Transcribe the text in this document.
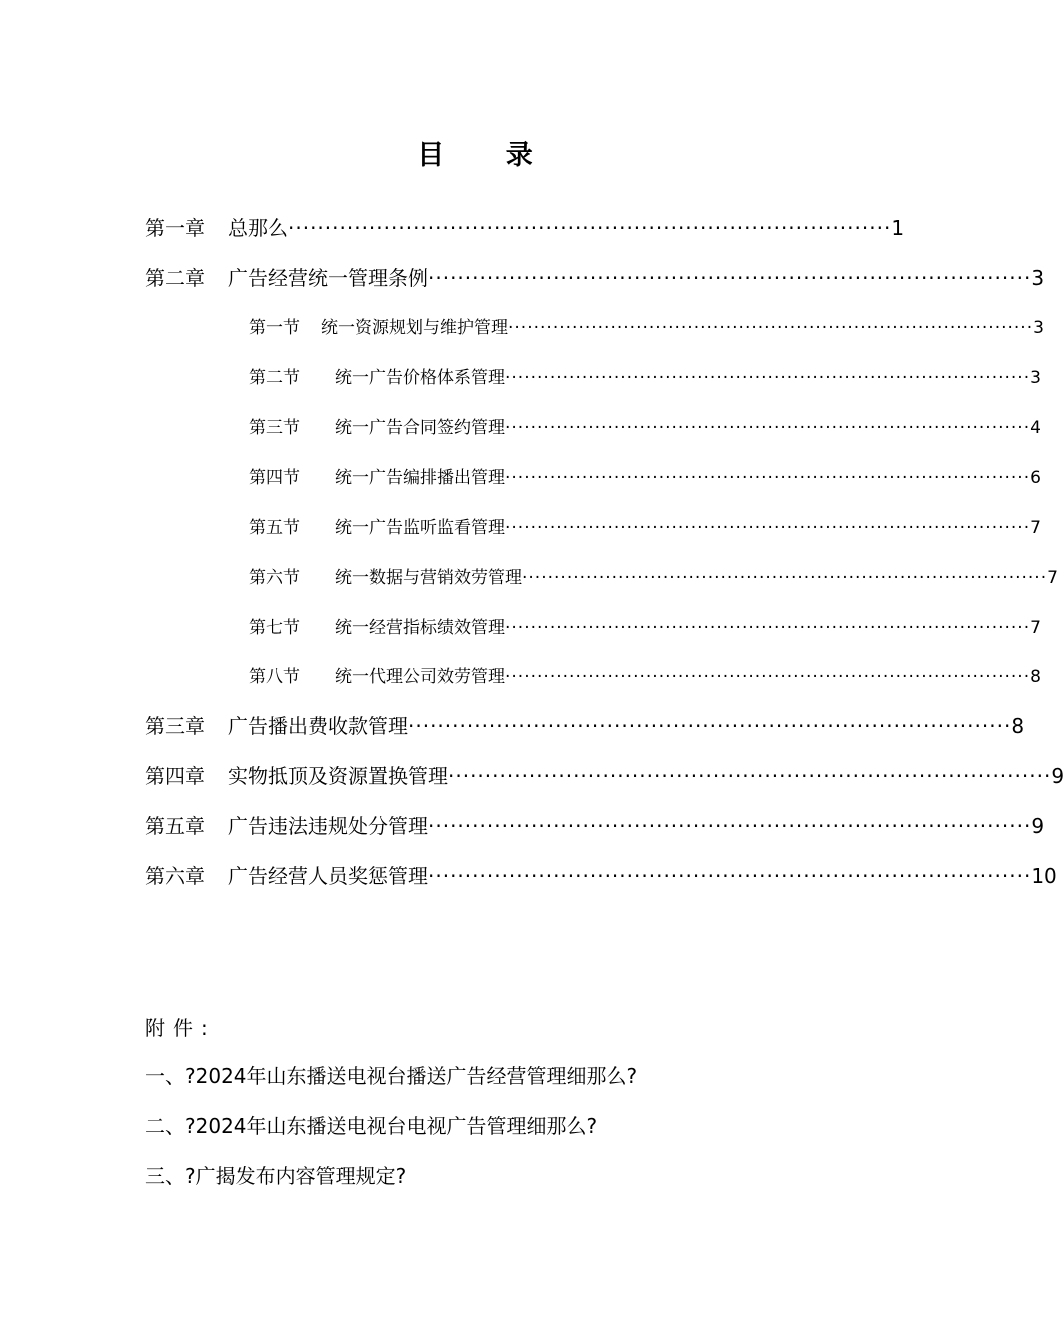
目 录
第一章	总那么 ·················································································· 1
第二章	广告经营统一管理条例 ·················································································· 3
第一节	统一资源规划与维护管理 ·················································································· 3
第二节	统一广告价格体系管理 ·················································································· 3
第三节	统一广告合同签约管理 ·················································································· 4
第四节	统一广告编排播出管理 ·················································································· 6
第五节	统一广告监听监看管理 ·················································································· 7
第六节	统一数据与营销效劳管理 ·················································································· 7
第七节	统一经营指标绩效管理 ·················································································· 7
第八节	统一代理公司效劳管理 ·················································································· 8
第三章	广告播出费收款管理 ·················································································· 8
第四章	实物抵顶及资源置换管理 ·················································································· 9
第五章	广告违法违规处分管理 ·················································································· 9
第六章	广告经营人员奖惩管理 ·················································································· 10
附件:
一、?2024年山东播送电视台播送广告经营管理细那么?
二、?2024年山东播送电视台电视广告管理细那么?
三、?广揭发布内容管理规定?
